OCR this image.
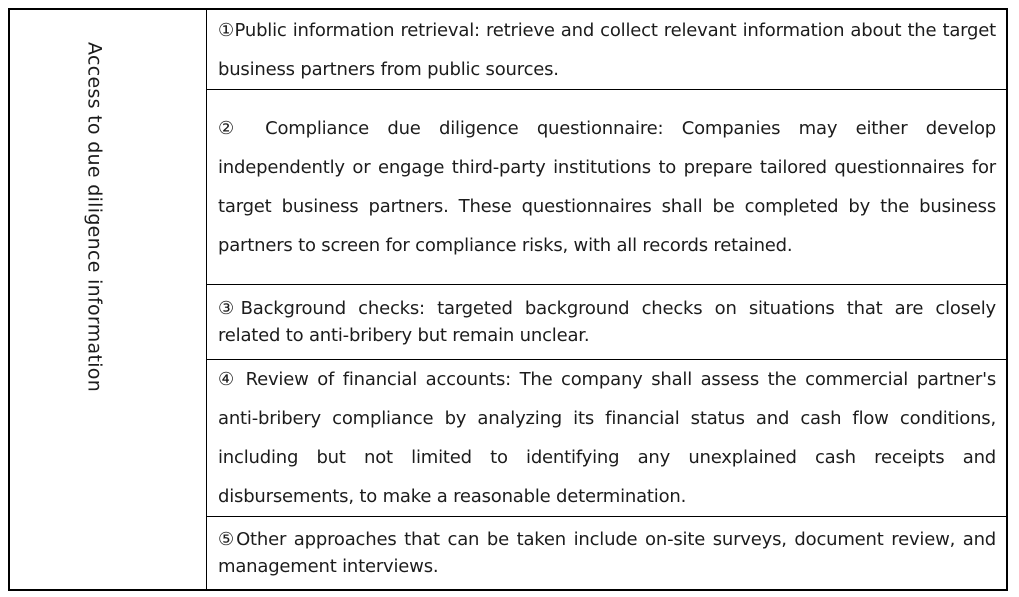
Access to due diligence information

①Public information retrieval: retrieve and collect relevant information about the target business partners from public sources.

② Compliance due diligence questionnaire: Companies may either develop independently or engage third-party institutions to prepare tailored questionnaires for target business partners. These questionnaires shall be completed by the business partners to screen for compliance risks, with all records retained.

③Background checks: targeted background checks on situations that are closely related to anti-bribery but remain unclear.

④ Review of financial accounts: The company shall assess the commercial partner's anti-bribery compliance by analyzing its financial status and cash flow conditions, including but not limited to identifying any unexplained cash receipts and disbursements, to make a reasonable determination.

⑤Other approaches that can be taken include on-site surveys, document review, and management interviews.
